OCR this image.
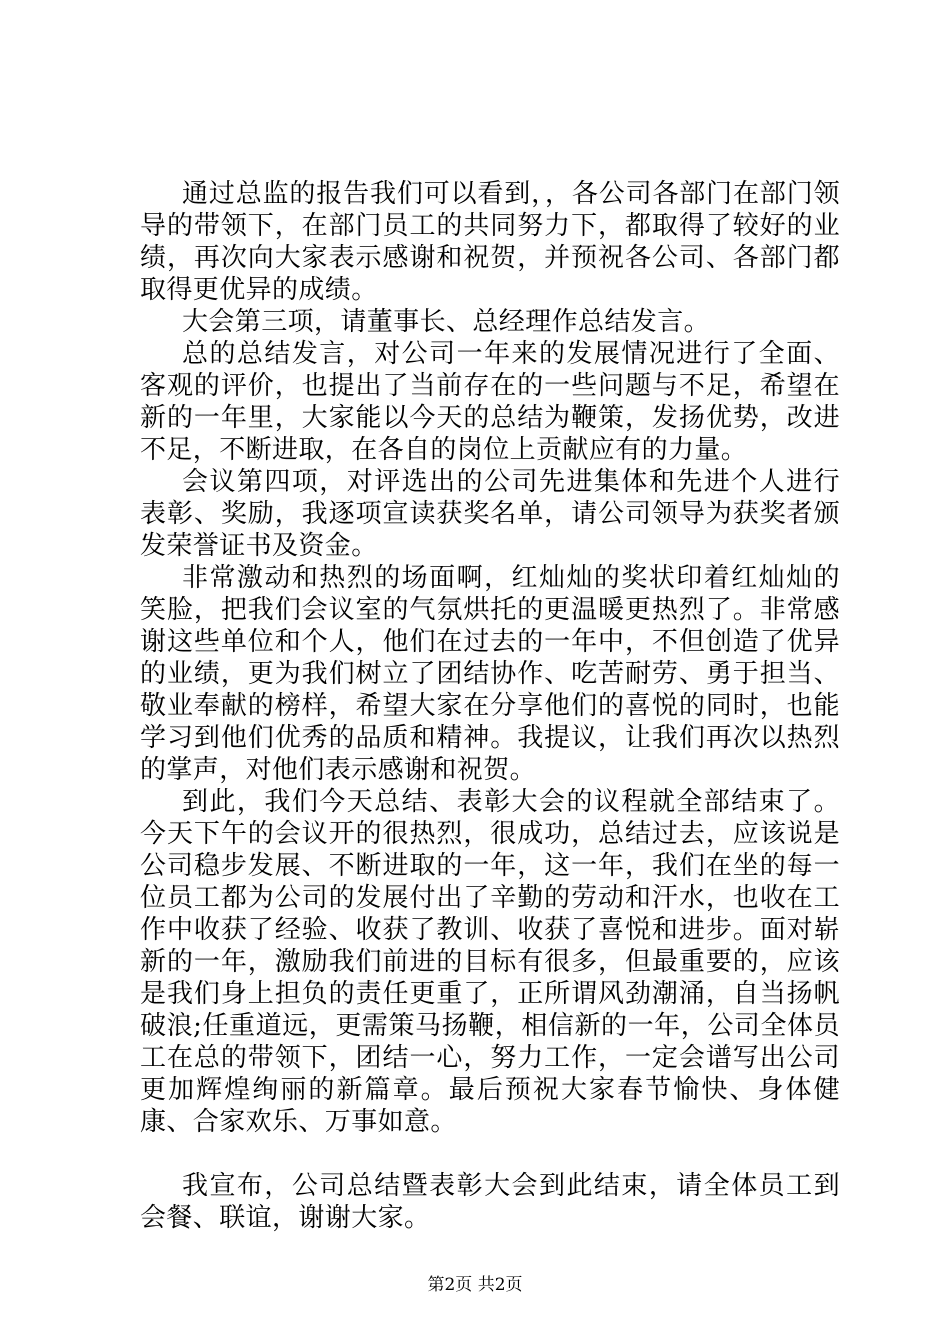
通过总监的报告我们可以看到，，各公司各部门在部门领导的带领下，在部门员工的共同努力下，都取得了较好的业绩，再次向大家表示感谢和祝贺，并预祝各公司、各部门都取得更优异的成绩。

大会第三项，请董事长、总经理作总结发言。

总的总结发言，对公司一年来的发展情况进行了全面、客观的评价，也提出了当前存在的一些问题与不足，希望在新的一年里，大家能以今天的总结为鞭策，发扬优势，改进不足，不断进取，在各自的岗位上贡献应有的力量。

会议第四项，对评选出的公司先进集体和先进个人进行表彰、奖励，我逐项宣读获奖名单，请公司领导为获奖者颁发荣誉证书及资金。

非常激动和热烈的场面啊，红灿灿的奖状印着红灿灿的笑脸，把我们会议室的气氛烘托的更温暖更热烈了。非常感谢这些单位和个人，他们在过去的一年中，不但创造了优异的业绩，更为我们树立了团结协作、吃苦耐劳、勇于担当、敬业奉献的榜样，希望大家在分享他们的喜悦的同时，也能学习到他们优秀的品质和精神。我提议，让我们再次以热烈的掌声，对他们表示感谢和祝贺。

到此，我们今天总结、表彰大会的议程就全部结束了。今天下午的会议开的很热烈，很成功，总结过去，应该说是公司稳步发展、不断进取的一年，这一年，我们在坐的每一位员工都为公司的发展付出了辛勤的劳动和汗水，也收在工作中收获了经验、收获了教训、收获了喜悦和进步。面对崭新的一年，激励我们前进的目标有很多，但最重要的，应该是我们身上担负的责任更重了，正所谓风劲潮涌，自当扬帆破浪;任重道远，更需策马扬鞭，相信新的一年，公司全体员工在总的带领下，团结一心，努力工作，一定会谱写出公司更加辉煌绚丽的新篇章。最后预祝大家春节愉快、身体健康、合家欢乐、万事如意。

我宣布，公司总结暨表彰大会到此结束，请全体员工到会餐、联谊，谢谢大家。

第2页 共2页
